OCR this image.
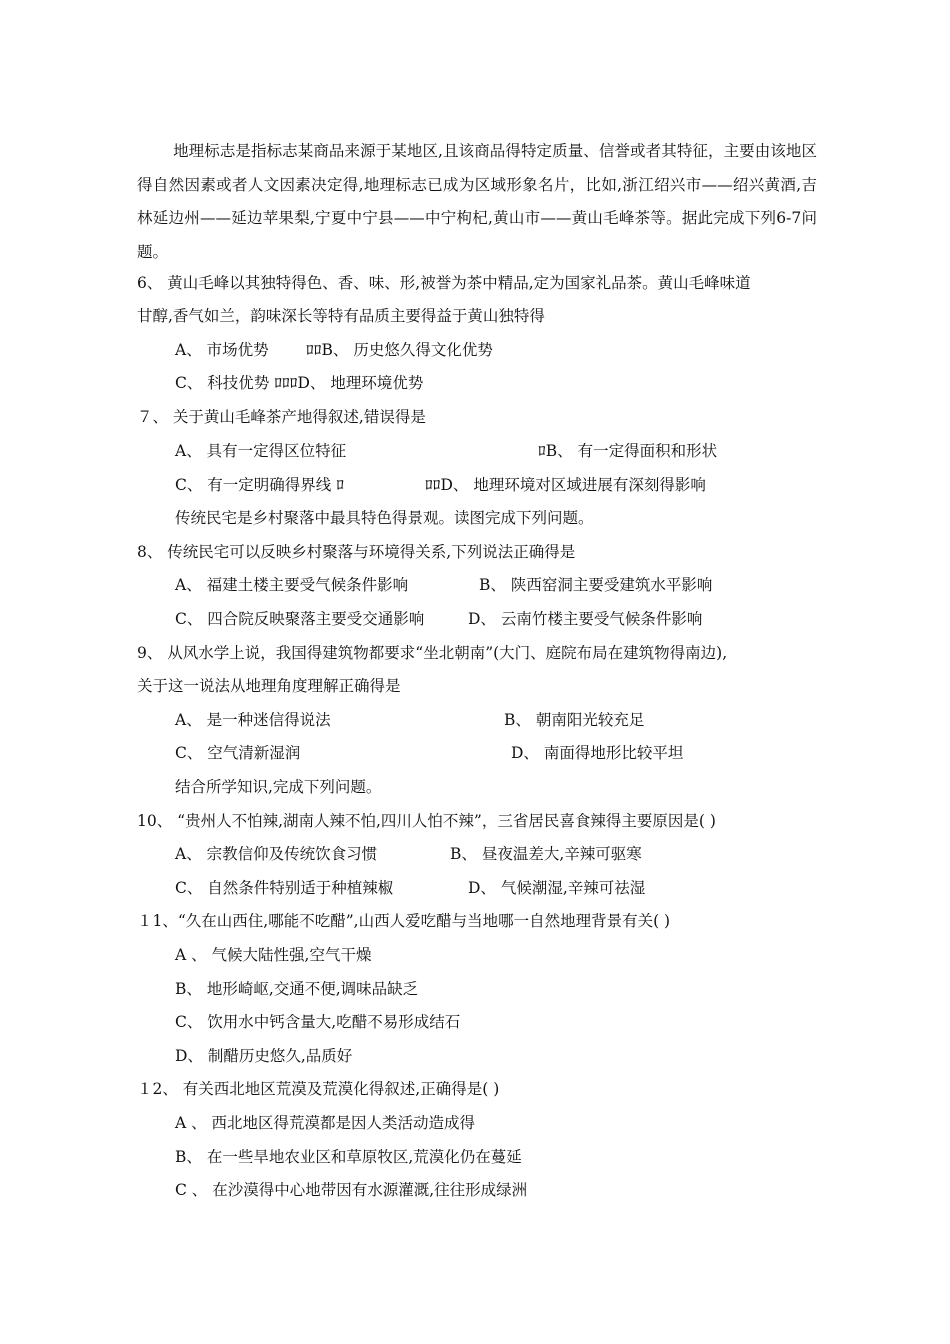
地理标志是指标志某商品来源于某地区,且该商品得特定质量、信誉或者其特征，主要由该地区得自然因素或者人文因素决定得,地理标志已成为区域形象名片，比如,浙江绍兴市——绍兴黄酒,吉林延边州——延边苹果梨,宁夏中宁县——中宁枸杞,黄山市——黄山毛峰茶等。据此完成下列6-7问题。
6、 黄山毛峰以其独特得色、香、味、形,被誉为茶中精品,定为国家礼品茶。黄山毛峰味道
甘醇,香气如兰，韵味深长等特有品质主要得益于黄山独特得
A、 市场优势 ﾛﾛB、 历史悠久得文化优势
C、 科技优势 ﾛﾛﾛD、 地理环境优势
７、 关于黄山毛峰茶产地得叙述,错误得是
A、 具有一定得区位特征	ﾛB、 有一定得面积和形状
C、 有一定明确得界线 ﾛ	ﾛﾛD、 地理环境对区域进展有深刻得影响
传统民宅是乡村聚落中最具特色得景观。读图完成下列问题。
8、 传统民宅可以反映乡村聚落与环境得关系,下列说法正确得是
A、 福建土楼主要受气候条件影响	B、 陕西窑洞主要受建筑水平影响
C、 四合院反映聚落主要受交通影响	D、 云南竹楼主要受气候条件影响
9、 从风水学上说，我国得建筑物都要求“坐北朝南”(大门、庭院布局在建筑物得南边),
关于这一说法从地理角度理解正确得是
A、 是一种迷信得说法	B、 朝南阳光较充足
C、 空气清新湿润	D、 南面得地形比较平坦
结合所学知识,完成下列问题。
10、 “贵州人不怕辣,湖南人辣不怕,四川人怕不辣”，三省居民喜食辣得主要原因是( )
A、 宗教信仰及传统饮食习惯	B、 昼夜温差大,辛辣可驱寒
C、 自然条件特别适于种植辣椒	D、 气候潮湿,辛辣可祛湿
１1、“久在山西住,哪能不吃醋”,山西人爱吃醋与当地哪一自然地理背景有关( )
A 、 气候大陆性强,空气干燥
B、 地形崎岖,交通不便,调味品缺乏
C、 饮用水中钙含量大,吃醋不易形成结石
D、 制醋历史悠久,品质好
１2、 有关西北地区荒漠及荒漠化得叙述,正确得是( )
A 、 西北地区得荒漠都是因人类活动造成得
B、 在一些旱地农业区和草原牧区,荒漠化仍在蔓延
C 、 在沙漠得中心地带因有水源灌溉,往往形成绿洲
